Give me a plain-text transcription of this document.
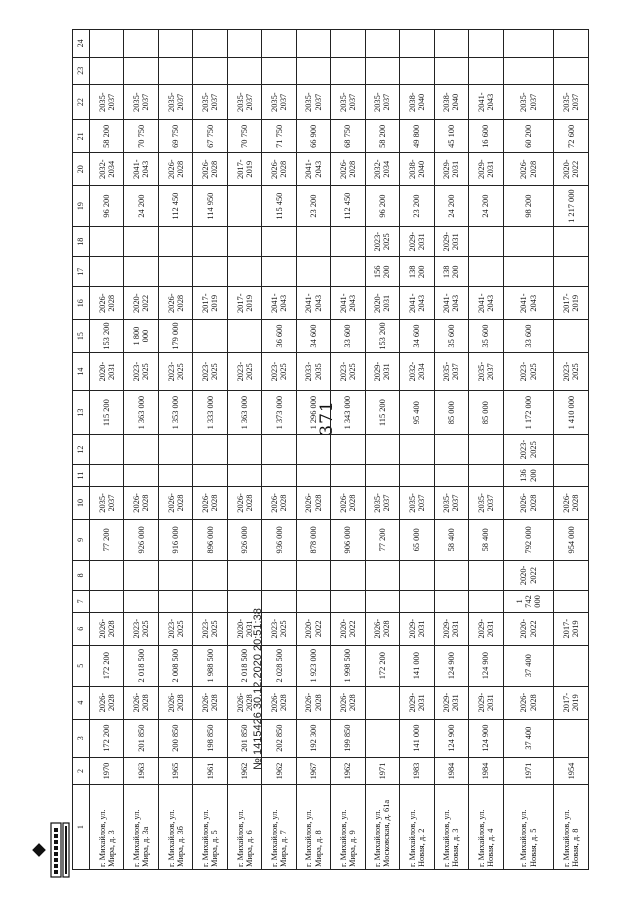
371
1	2	3	4	5	6	7	8	9	10	11	12	13	14	15	16	17	18	19	20	21	22	23	24
г. Михайлов, ул. Мира, д. 3	1970	172 200	2026-2028	172 200	2026-2028			77 200	2035-2037			115 200	2020-2031	153 200	2026-2028			96 200	2032-2034	58 200	2035-2037		
г. Михайлов, ул. Мира, д. 3а	1963	201 850	2026-2028	2 018 500	2023-2025			926 000	2026-2028			1 363 000	2023-2025	1 800 000	2020-2022			24 200	2041-2043	70 750	2035-2037		
г. Михайлов, ул. Мира, д. 3б	1965	200 850	2026-2028	2 008 500	2023-2025			916 000	2026-2028			1 353 000	2023-2025	179 000	2026-2028			112 450	2026-2028	69 750	2035-2037		
г. Михайлов, ул. Мира, д. 5	1961	198 850	2026-2028	1 988 500	2023-2025			896 000	2026-2028			1 333 000	2023-2025		2017-2019			114 950	2026-2028	67 750	2035-2037		
г. Михайлов, ул. Мира, д. 6	1962	201 850	2026-2028	2 018 500	2020-2031			926 000	2026-2028			1 363 000	2023-2025		2017-2019				2017-2019	70 750	2035-2037		
г. Михайлов, ул. Мира, д. 7	1962	202 850	2026-2028	2 028 500	2023-2025			936 000	2026-2028			1 373 000	2023-2025	36 600	2041-2043			115 450	2026-2028	71 750	2035-2037		
г. Михайлов, ул. Мира, д. 8	1967	192 300	2026-2028	1 923 000	2020-2022			878 000	2026-2028			1 296 000	2033-2035	34 600	2041-2043			23 200	2041-2043	66 900	2035-2037		
г. Михайлов, ул. Мира, д. 9	1962	199 850	2026-2028	1 998 500	2020-2022			906 000	2026-2028			1 343 000	2023-2025	33 600	2041-2043			112 450	2026-2028	68 750	2035-2037		
г. Михайлов, ул. Московская, д. 61а	1971			172 200	2026-2028			77 200	2035-2037			115 200	2029-2031	153 200	2020-2031	156 200	2023-2025	96 200	2032-2034	58 200	2035-2037		
г. Михайлов, ул. Новая, д. 2	1983	141 000	2029-2031	141 000	2029-2031			65 000	2035-2037			95 400	2032-2034	34 600	2041-2043	138 200	2029-2031	23 200	2038-2040	49 800	2038-2040		
г. Михайлов, ул. Новая, д. 3	1984	124 900	2029-2031	124 900	2029-2031			58 400	2035-2037			85 000	2035-2037	35 600	2041-2043	138 200	2029-2031	24 200	2029-2031	45 100	2038-2040		
г. Михайлов, ул. Новая, д. 4	1984	124 900	2029-2031	124 900	2029-2031			58 400	2035-2037			85 000	2035-2037	35 600	2041-2043			24 200	2029-2031	16 600	2041-2043		
г. Михайлов, ул. Новая, д. 5	1971	37 400	2026-2028	37 400	2020-2022	1 742 000	2020-2022	792 000	2026-2028	136 200	2023-2025	1 172 000	2023-2025	33 600	2041-2043			98 200	2026-2028	60 200	2035-2037		
г. Михайлов, ул. Новая, д. 8	1954		2017-2019		2017-2019			954 000	2026-2028			1 410 000	2023-2025		2017-2019			1 217 000	2020-2022	72 600	2035-2037		
№ 1415426 30.12.2020 20:51:38
